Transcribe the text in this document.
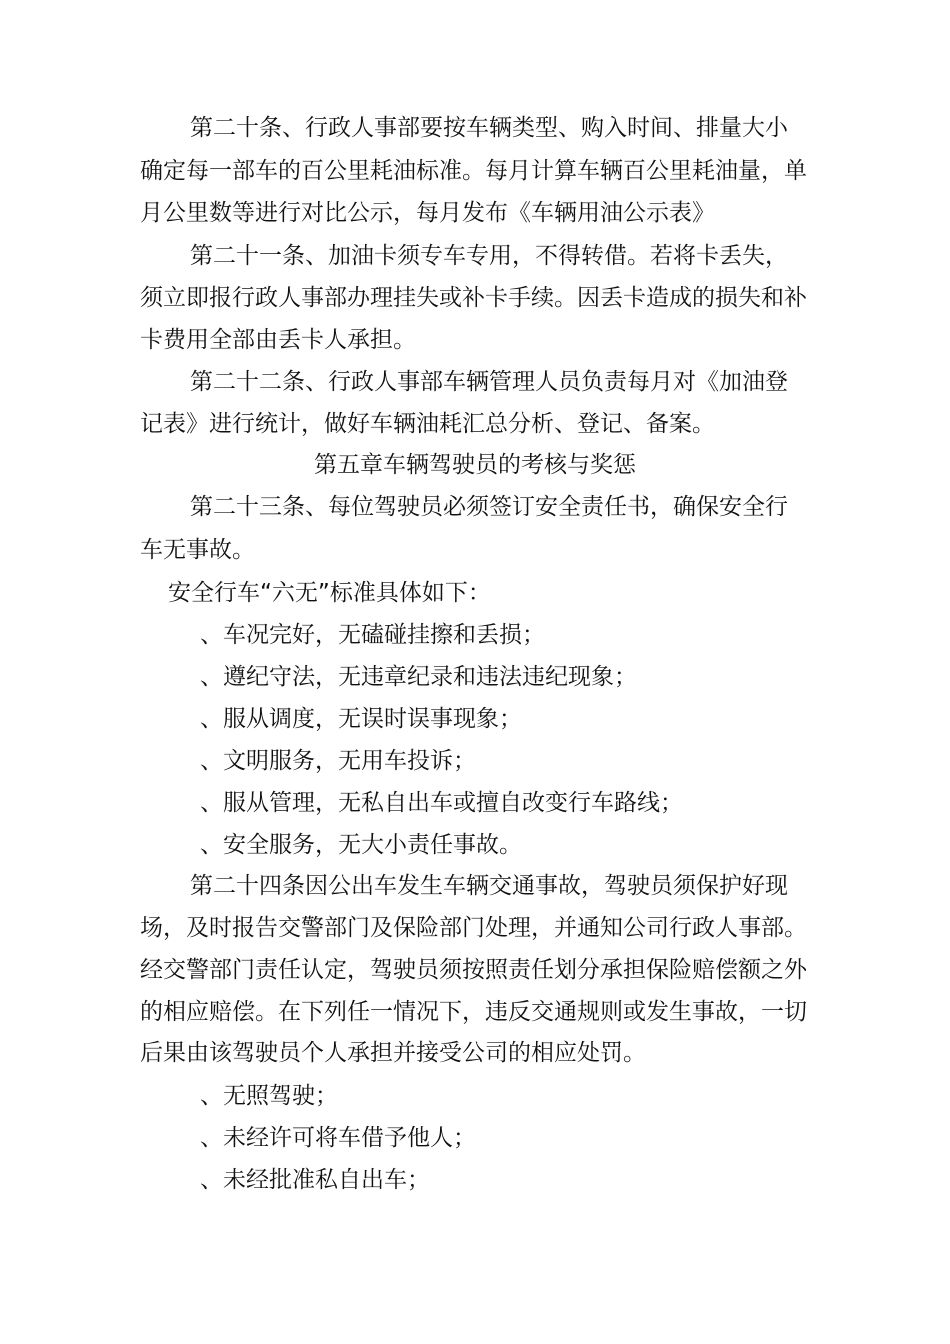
第二十条、行政人事部要按车辆类型、购入时间、排量大小
确定每一部车的百公里耗油标准。每月计算车辆百公里耗油量，单
月公里数等进行对比公示，每月发布《车辆用油公示表》
第二十一条、加油卡须专车专用，不得转借。若将卡丢失，
须立即报行政人事部办理挂失或补卡手续。因丢卡造成的损失和补
卡费用全部由丢卡人承担。
第二十二条、行政人事部车辆管理人员负责每月对《加油登
记表》进行统计，做好车辆油耗汇总分析、登记、备案。
第五章车辆驾驶员的考核与奖惩
第二十三条、每位驾驶员必须签订安全责任书，确保安全行
车无事故。
安全行车“六无”标准具体如下：
、车况完好，无磕碰挂擦和丢损；
、遵纪守法，无违章纪录和违法违纪现象；
、服从调度，无误时误事现象；
、文明服务，无用车投诉；
、服从管理，无私自出车或擅自改变行车路线；
、安全服务，无大小责任事故。
第二十四条因公出车发生车辆交通事故，驾驶员须保护好现
场，及时报告交警部门及保险部门处理，并通知公司行政人事部。
经交警部门责任认定，驾驶员须按照责任划分承担保险赔偿额之外
的相应赔偿。在下列任一情况下，违反交通规则或发生事故，一切
后果由该驾驶员个人承担并接受公司的相应处罚。
、无照驾驶；
、未经许可将车借予他人；
、未经批准私自出车；
